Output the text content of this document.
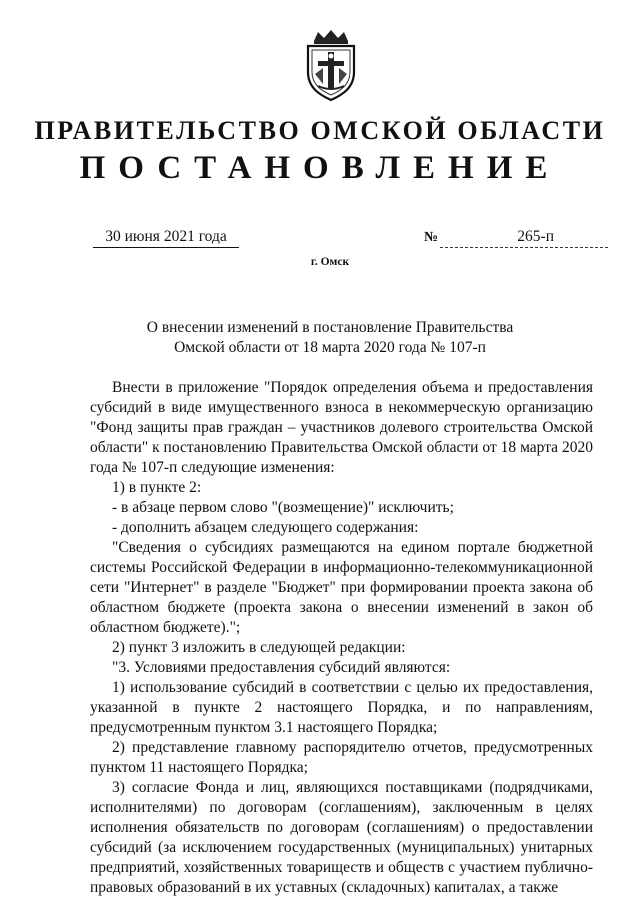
ПРАВИТЕЛЬСТВО ОМСКОЙ ОБЛАСТИ
ПОСТАНОВЛЕНИЕ
30 июня 2021 года	№	265-п
г. Омск
О внесении изменений в постановление Правительства
Омской области от 18 марта 2020 года № 107-п

Внести в приложение "Порядок определения объема и предоставления субсидий в виде имущественного взноса в некоммерческую организацию "Фонд защиты прав граждан – участников долевого строительства Омской области" к постановлению Правительства Омской области от 18 марта 2020 года № 107-п следующие изменения:

1) в пункте 2:

- в абзаце первом слово "(возмещение)" исключить;

- дополнить абзацем следующего содержания:

"Сведения о субсидиях размещаются на едином портале бюджетной системы Российской Федерации в информационно-телекоммуникационной сети "Интернет" в разделе "Бюджет" при формировании проекта закона об областном бюджете (проекта закона о внесении изменений в закон об областном бюджете).";

2) пункт 3 изложить в следующей редакции:

"3. Условиями предоставления субсидий являются:

1) использование субсидий в соответствии с целью их предоставления, указанной в пункте 2 настоящего Порядка, и по направлениям, предусмотренным пунктом 3.1 настоящего Порядка;

2) представление главному распорядителю отчетов, предусмотренных пунктом 11 настоящего Порядка;

3) согласие Фонда и лиц, являющихся поставщиками (подрядчиками, исполнителями) по договорам (соглашениям), заключенным в целях исполнения обязательств по договорам (соглашениям) о предоставлении субсидий (за исключением государственных (муниципальных) унитарных предприятий, хозяйственных товариществ и обществ с участием публично-правовых образований в их уставных (складочных) капиталах, а также
